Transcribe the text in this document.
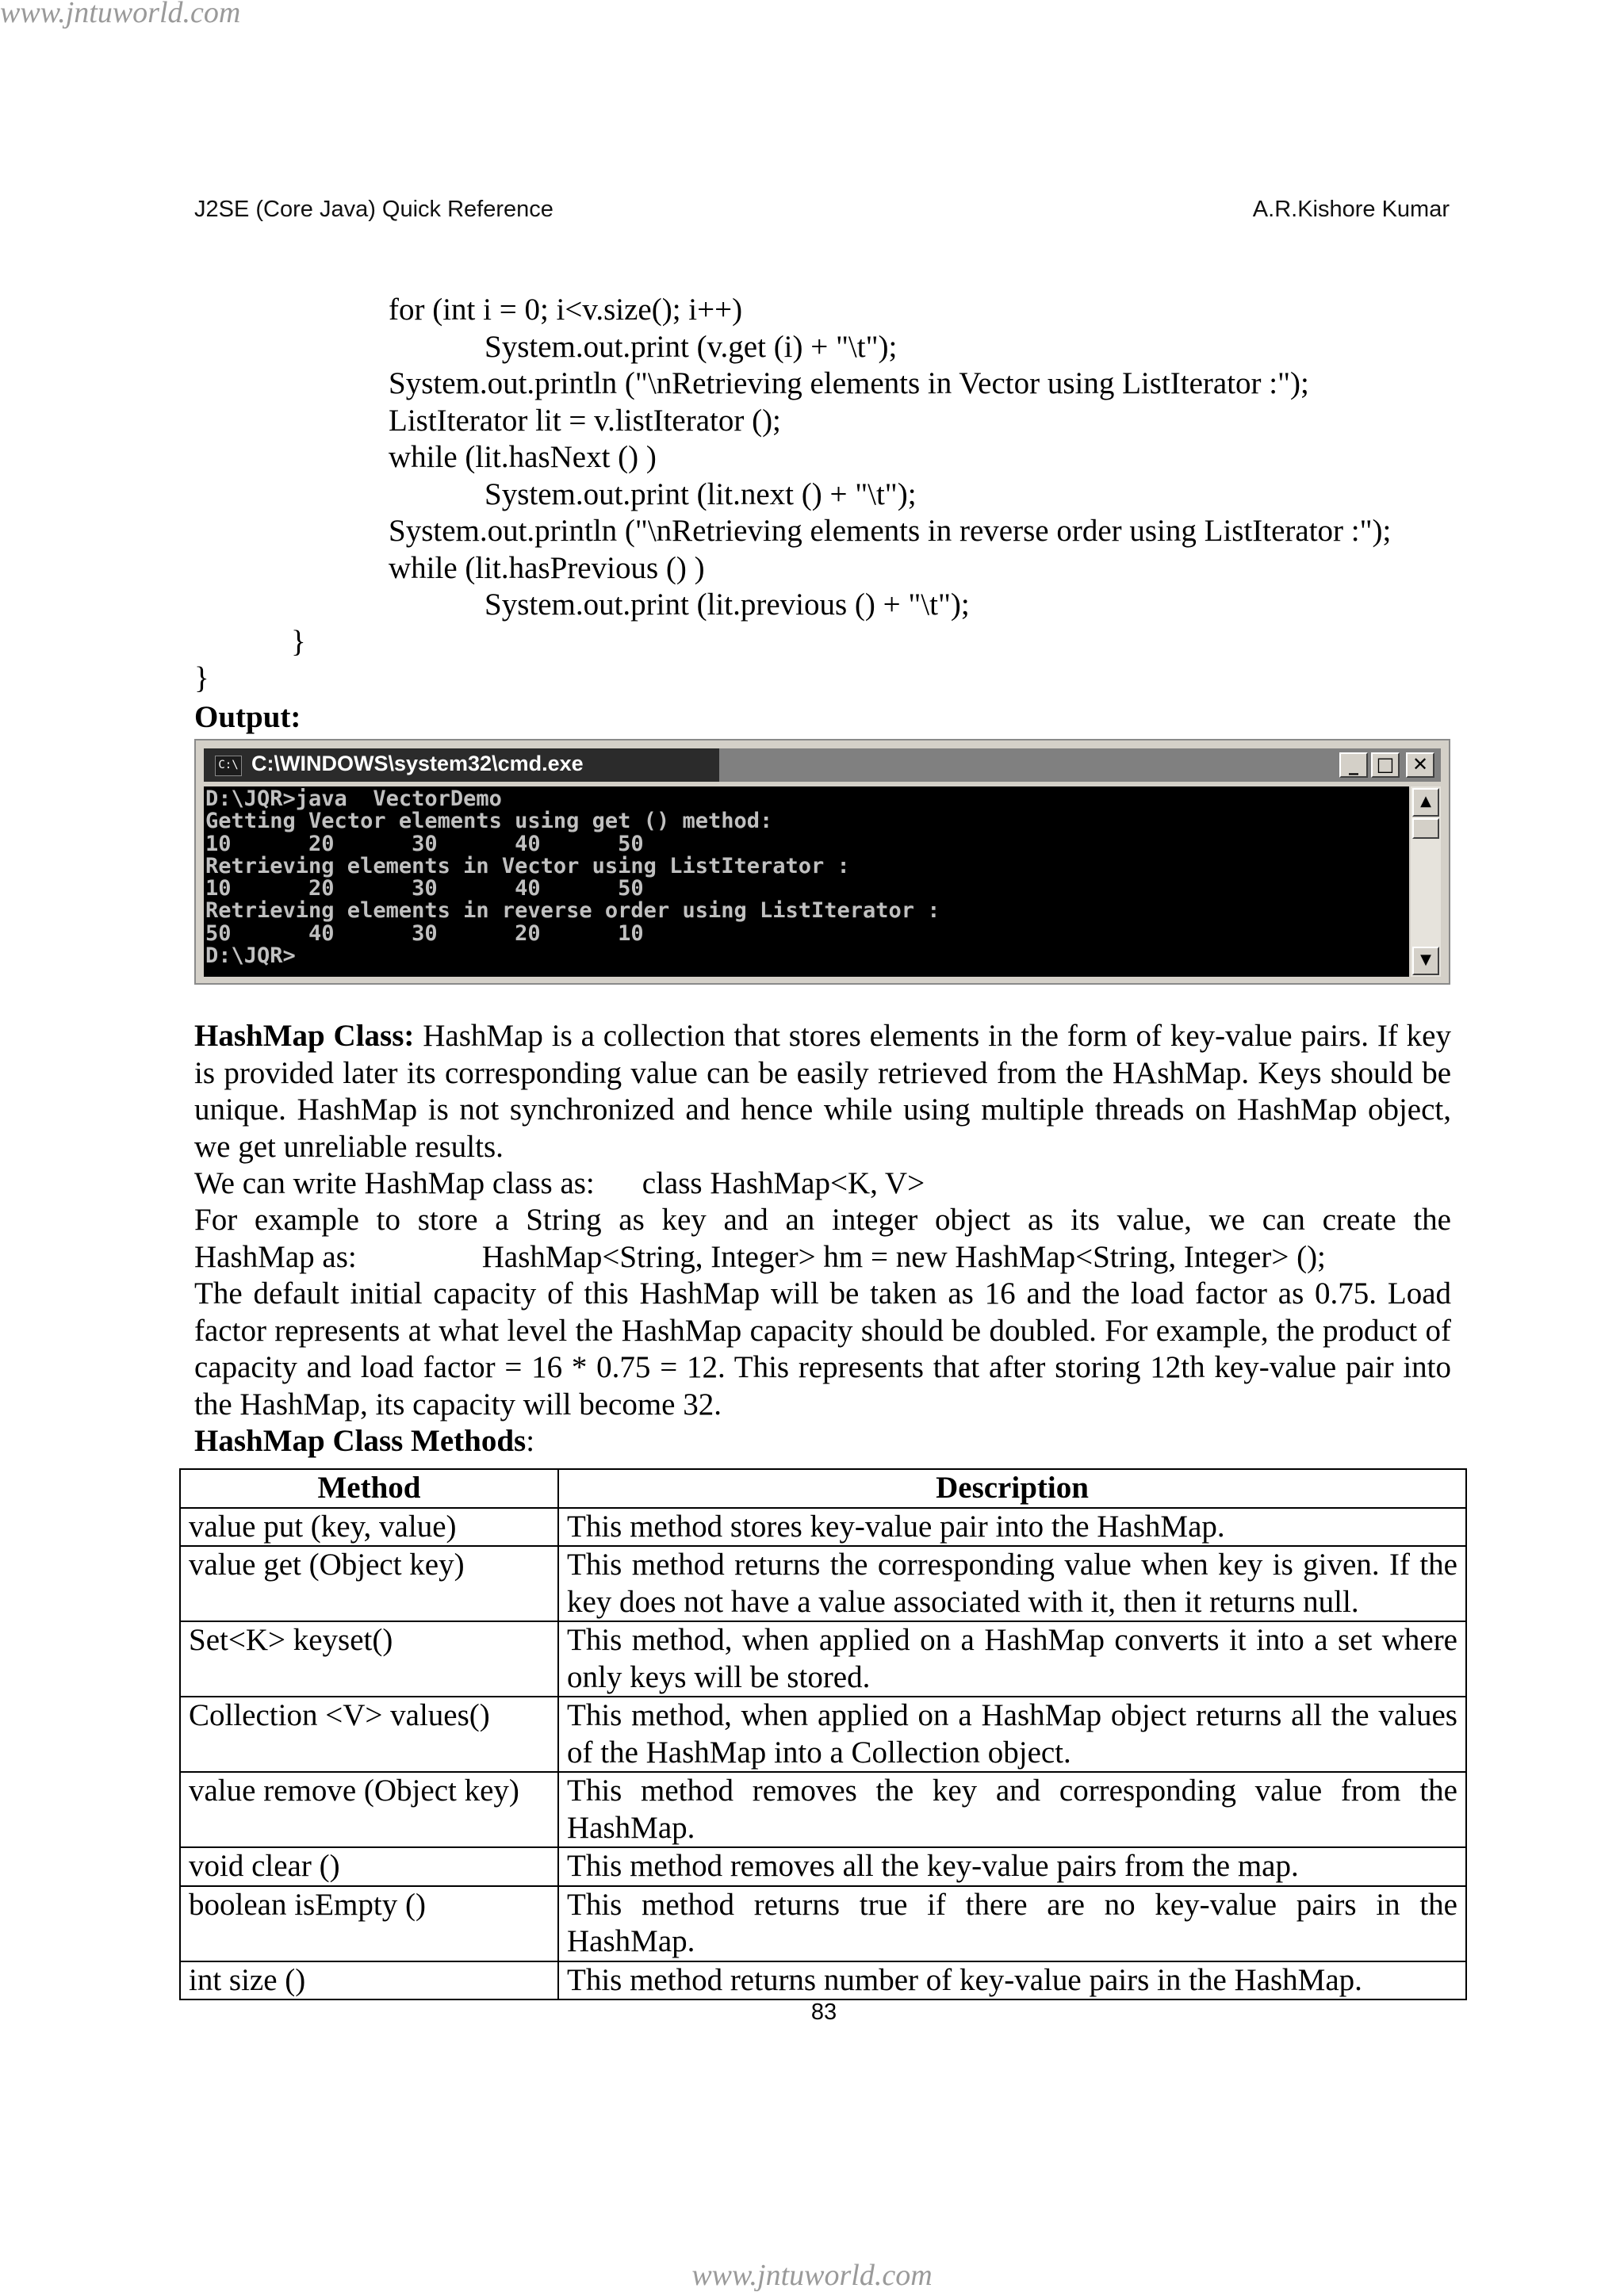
www.jntuworld.com
J2SE (Core Java) Quick Reference	A.R.Kishore Kumar
for (int i = 0; i<v.size(); i++)
System.out.print (v.get (i) + "\t");
System.out.println ("\nRetrieving elements in Vector using ListIterator :");
ListIterator lit = v.listIterator ();
while (lit.hasNext () )
System.out.print (lit.next () + "\t");
System.out.println ("\nRetrieving elements in reverse order using ListIterator :");
while (lit.hasPrevious () )
System.out.print (lit.previous () + "\t");
}
}
Output:
C:\ C:\WINDOWS\system32\cmd.exe	_ □ ✕
D:\JQR>java  VectorDemo
Getting Vector elements using get () method:
10      20      30      40      50
Retrieving elements in Vector using ListIterator :
10      20      30      40      50
Retrieving elements in reverse order using ListIterator :
50      40      30      20      10
D:\JQR>
▲
▼
HashMap Class: HashMap is a collection that stores elements in the form of key-value pairs. If key is provided later its corresponding value can be easily retrieved from the HAshMap. Keys should be unique. HashMap is not synchronized and hence while using multiple threads on HashMap object, we get unreliable results.
We can write HashMap class as: class HashMap<K, V>
For example to store a String as key and an integer object as its value, we can create the
HashMap as:	HashMap<String, Integer> hm = new HashMap<String, Integer> ();
The default initial capacity of this HashMap will be taken as 16 and the load factor as 0.75. Load factor represents at what level the HashMap capacity should be doubled. For example, the product of capacity and load factor = 16 * 0.75 = 12. This represents that after storing 12th key-value pair into the HashMap, its capacity will become 32.
HashMap Class Methods:
Method	Description
value put (key, value)	This method stores key-value pair into the HashMap.
value get (Object key)	This method returns the corresponding value when key is given. If the key does not have a value associated with it, then it returns null.
Set<K> keyset()	This method, when applied on a HashMap converts it into a set where only keys will be stored.
Collection <V> values()	This method, when applied on a HashMap object returns all the values of the HashMap into a Collection object.
value remove (Object key)	This method removes the key and corresponding value from the HashMap.
void clear ()	This method removes all the key-value pairs from the map.
boolean isEmpty ()	This method returns true if there are no key-value pairs in the HashMap.
int size ()	This method returns number of key-value pairs in the HashMap.
83
www.jntuworld.com
